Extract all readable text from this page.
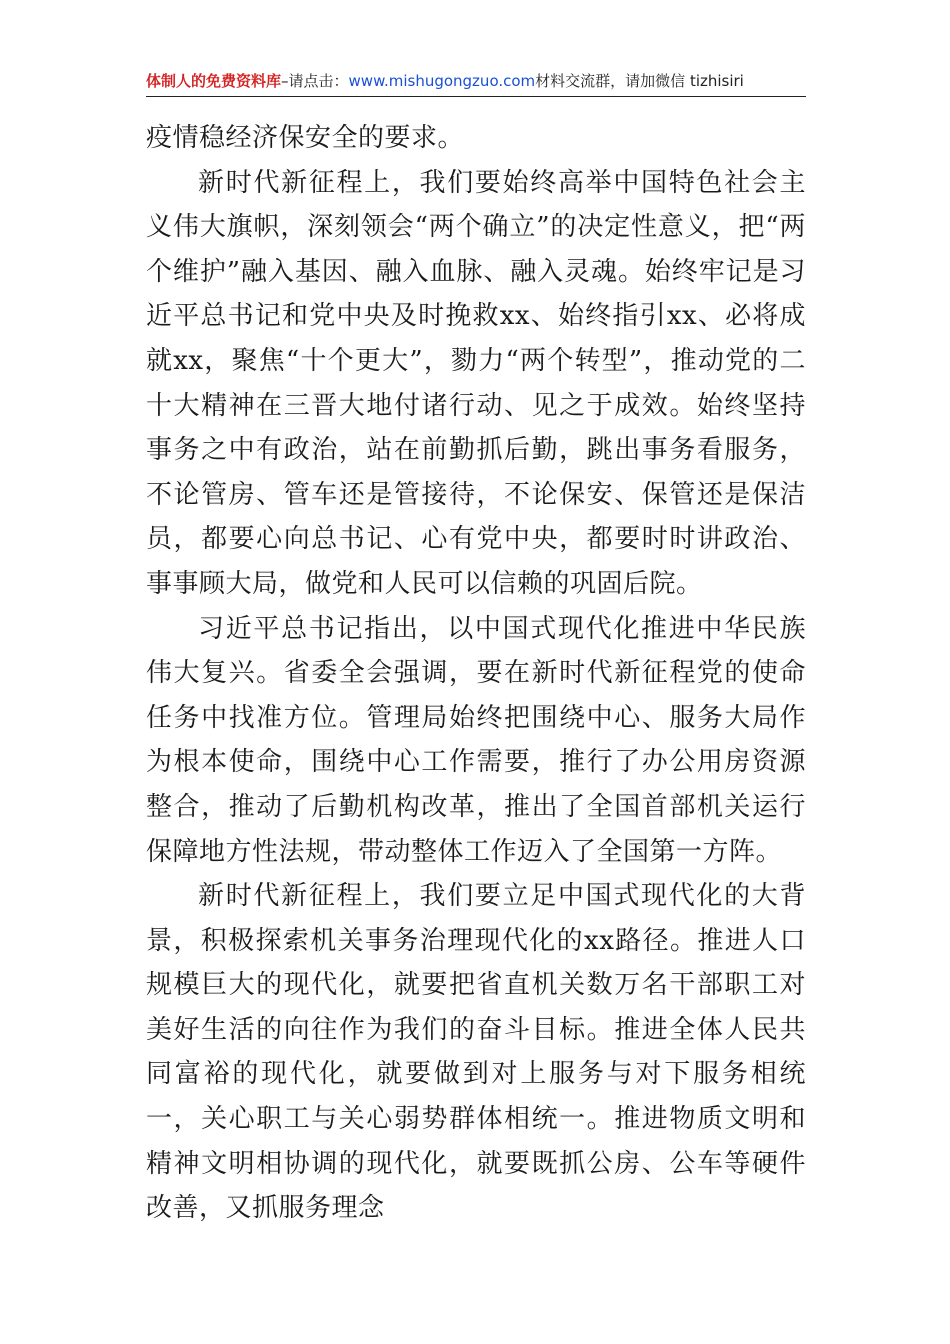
体制人的免费资料库–请点击：www.mishugongzuo.com材料交流群，请加微信 tizhisiri

疫情稳经济保安全的要求。

新时代新征程上，我们要始终高举中国特色社会主义伟大旗帜，深刻领会“两个确立”的决定性意义，把“两个维护”融入基因、融入血脉、融入灵魂。始终牢记是习近平总书记和党中央及时挽救xx、始终指引xx、必将成就xx，聚焦“十个更大”，勠力“两个转型”，推动党的二十大精神在三晋大地付诸行动、见之于成效。始终坚持事务之中有政治，站在前勤抓后勤，跳出事务看服务，不论管房、管车还是管接待，不论保安、保管还是保洁员，都要心向总书记、心有党中央，都要时时讲政治、事事顾大局，做党和人民可以信赖的巩固后院。

习近平总书记指出，以中国式现代化推进中华民族伟大复兴。省委全会强调，要在新时代新征程党的使命任务中找准方位。管理局始终把围绕中心、服务大局作为根本使命，围绕中心工作需要，推行了办公用房资源整合，推动了后勤机构改革，推出了全国首部机关运行保障地方性法规，带动整体工作迈入了全国第一方阵。

新时代新征程上，我们要立足中国式现代化的大背景，积极探索机关事务治理现代化的xx路径。推进人口规模巨大的现代化，就要把省直机关数万名干部职工对美好生活的向往作为我们的奋斗目标。推进全体人民共同富裕的现代化，就要做到对上服务与对下服务相统一，关心职工与关心弱势群体相统一。推进物质文明和精神文明相协调的现代化，就要既抓公房、公车等硬件改善，又抓服务理念
